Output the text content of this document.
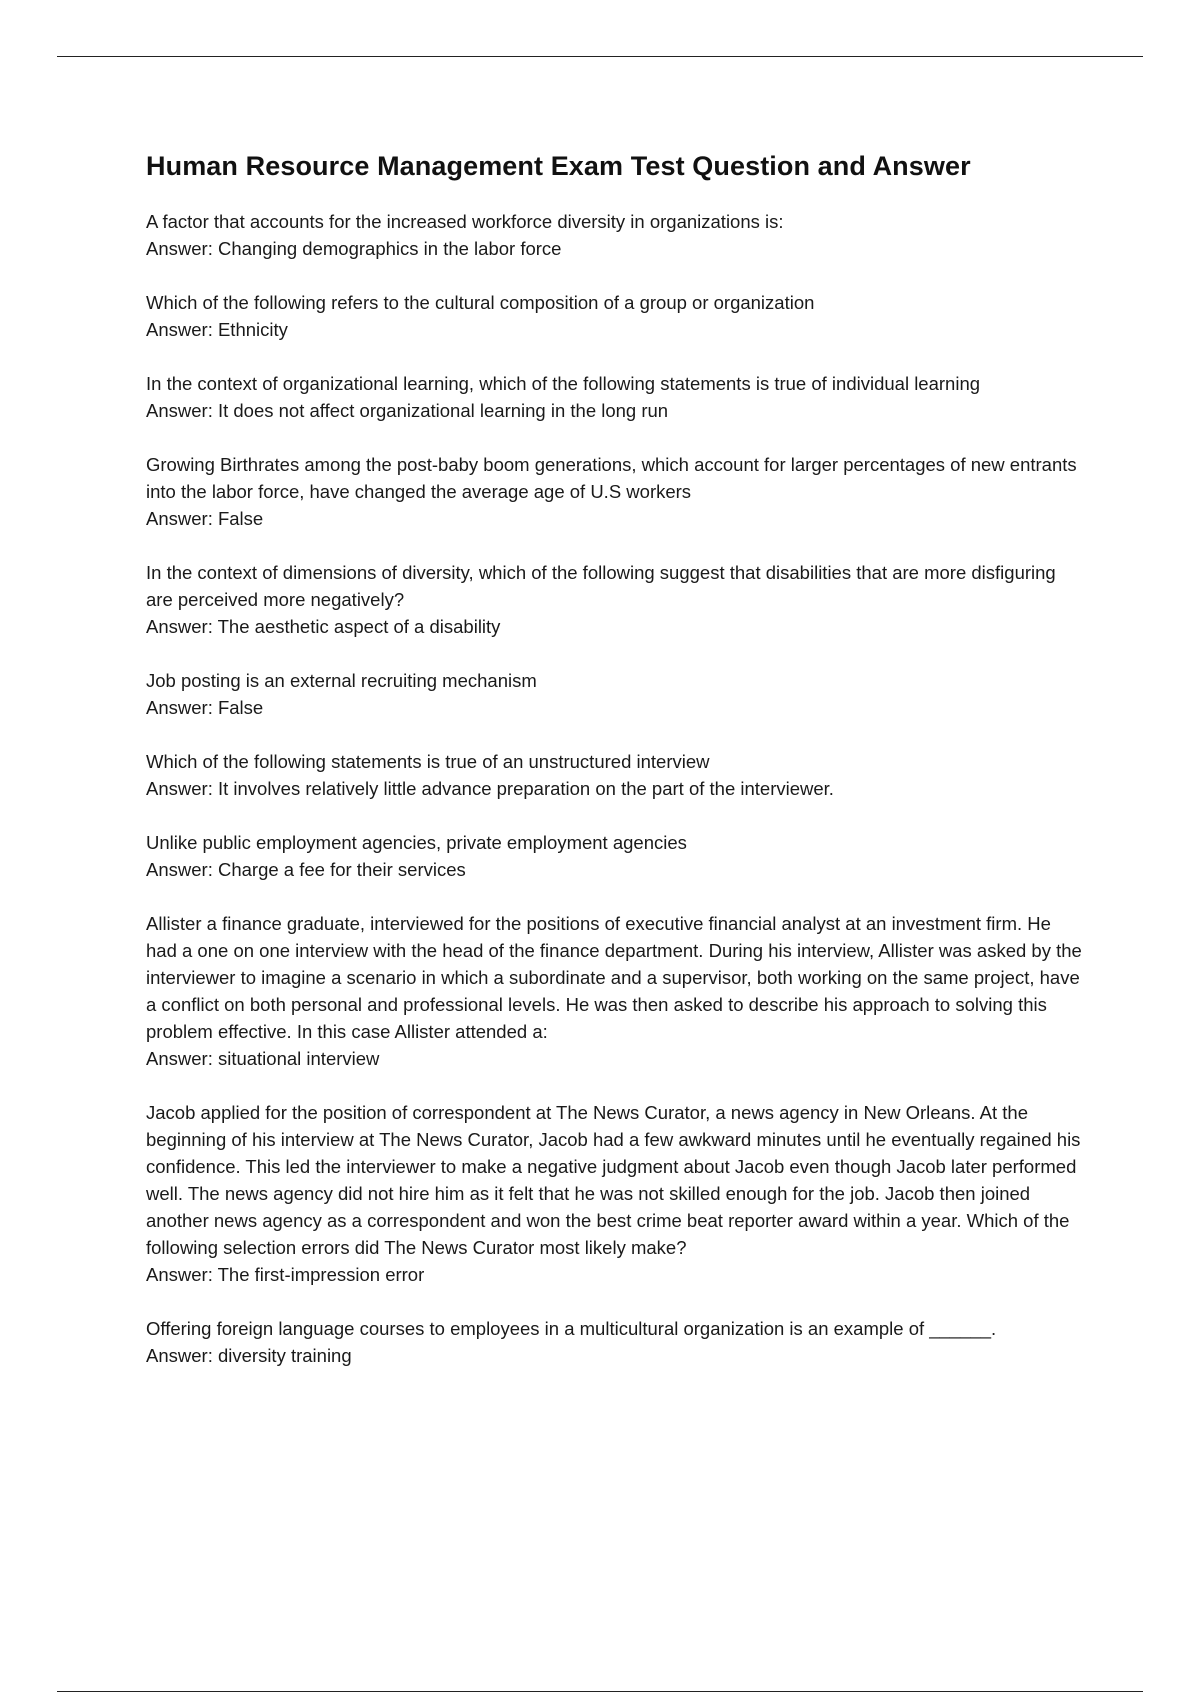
Human Resource Management Exam Test Question and Answer

A factor that accounts for the increased workforce diversity in organizations is:

Answer: Changing demographics in the labor force

Which of the following refers to the cultural composition of a group or organization

Answer: Ethnicity

In the context of organizational learning, which of the following statements is true of individual learning

Answer: It does not affect organizational learning in the long run

Growing Birthrates among the post-baby boom generations, which account for larger percentages of new entrants into the labor force, have changed the average age of U.S workers

Answer: False

In the context of dimensions of diversity, which of the following suggest that disabilities that are more disfiguring are perceived more negatively?

Answer: The aesthetic aspect of a disability

Job posting is an external recruiting mechanism

Answer: False

Which of the following statements is true of an unstructured interview

Answer: It involves relatively little advance preparation on the part of the interviewer.

Unlike public employment agencies, private employment agencies

Answer: Charge a fee for their services

Allister a finance graduate, interviewed for the positions of executive financial analyst at an investment firm. He had a one on one interview with the head of the finance department. During his interview, Allister was asked by the interviewer to imagine a scenario in which a subordinate and a supervisor, both working on the same project, have a conflict on both personal and professional levels. He was then asked to describe his approach to solving this problem effective. In this case Allister attended a:

Answer: situational interview

Jacob applied for the position of correspondent at The News Curator, a news agency in New Orleans. At the beginning of his interview at The News Curator, Jacob had a few awkward minutes until he eventually regained his confidence. This led the interviewer to make a negative judgment about Jacob even though Jacob later performed well. The news agency did not hire him as it felt that he was not skilled enough for the job. Jacob then joined another news agency as a correspondent and won the best crime beat reporter award within a year. Which of the following selection errors did The News Curator most likely make?

Answer: The first-impression error

Offering foreign language courses to employees in a multicultural organization is an example of ______.

Answer: diversity training
